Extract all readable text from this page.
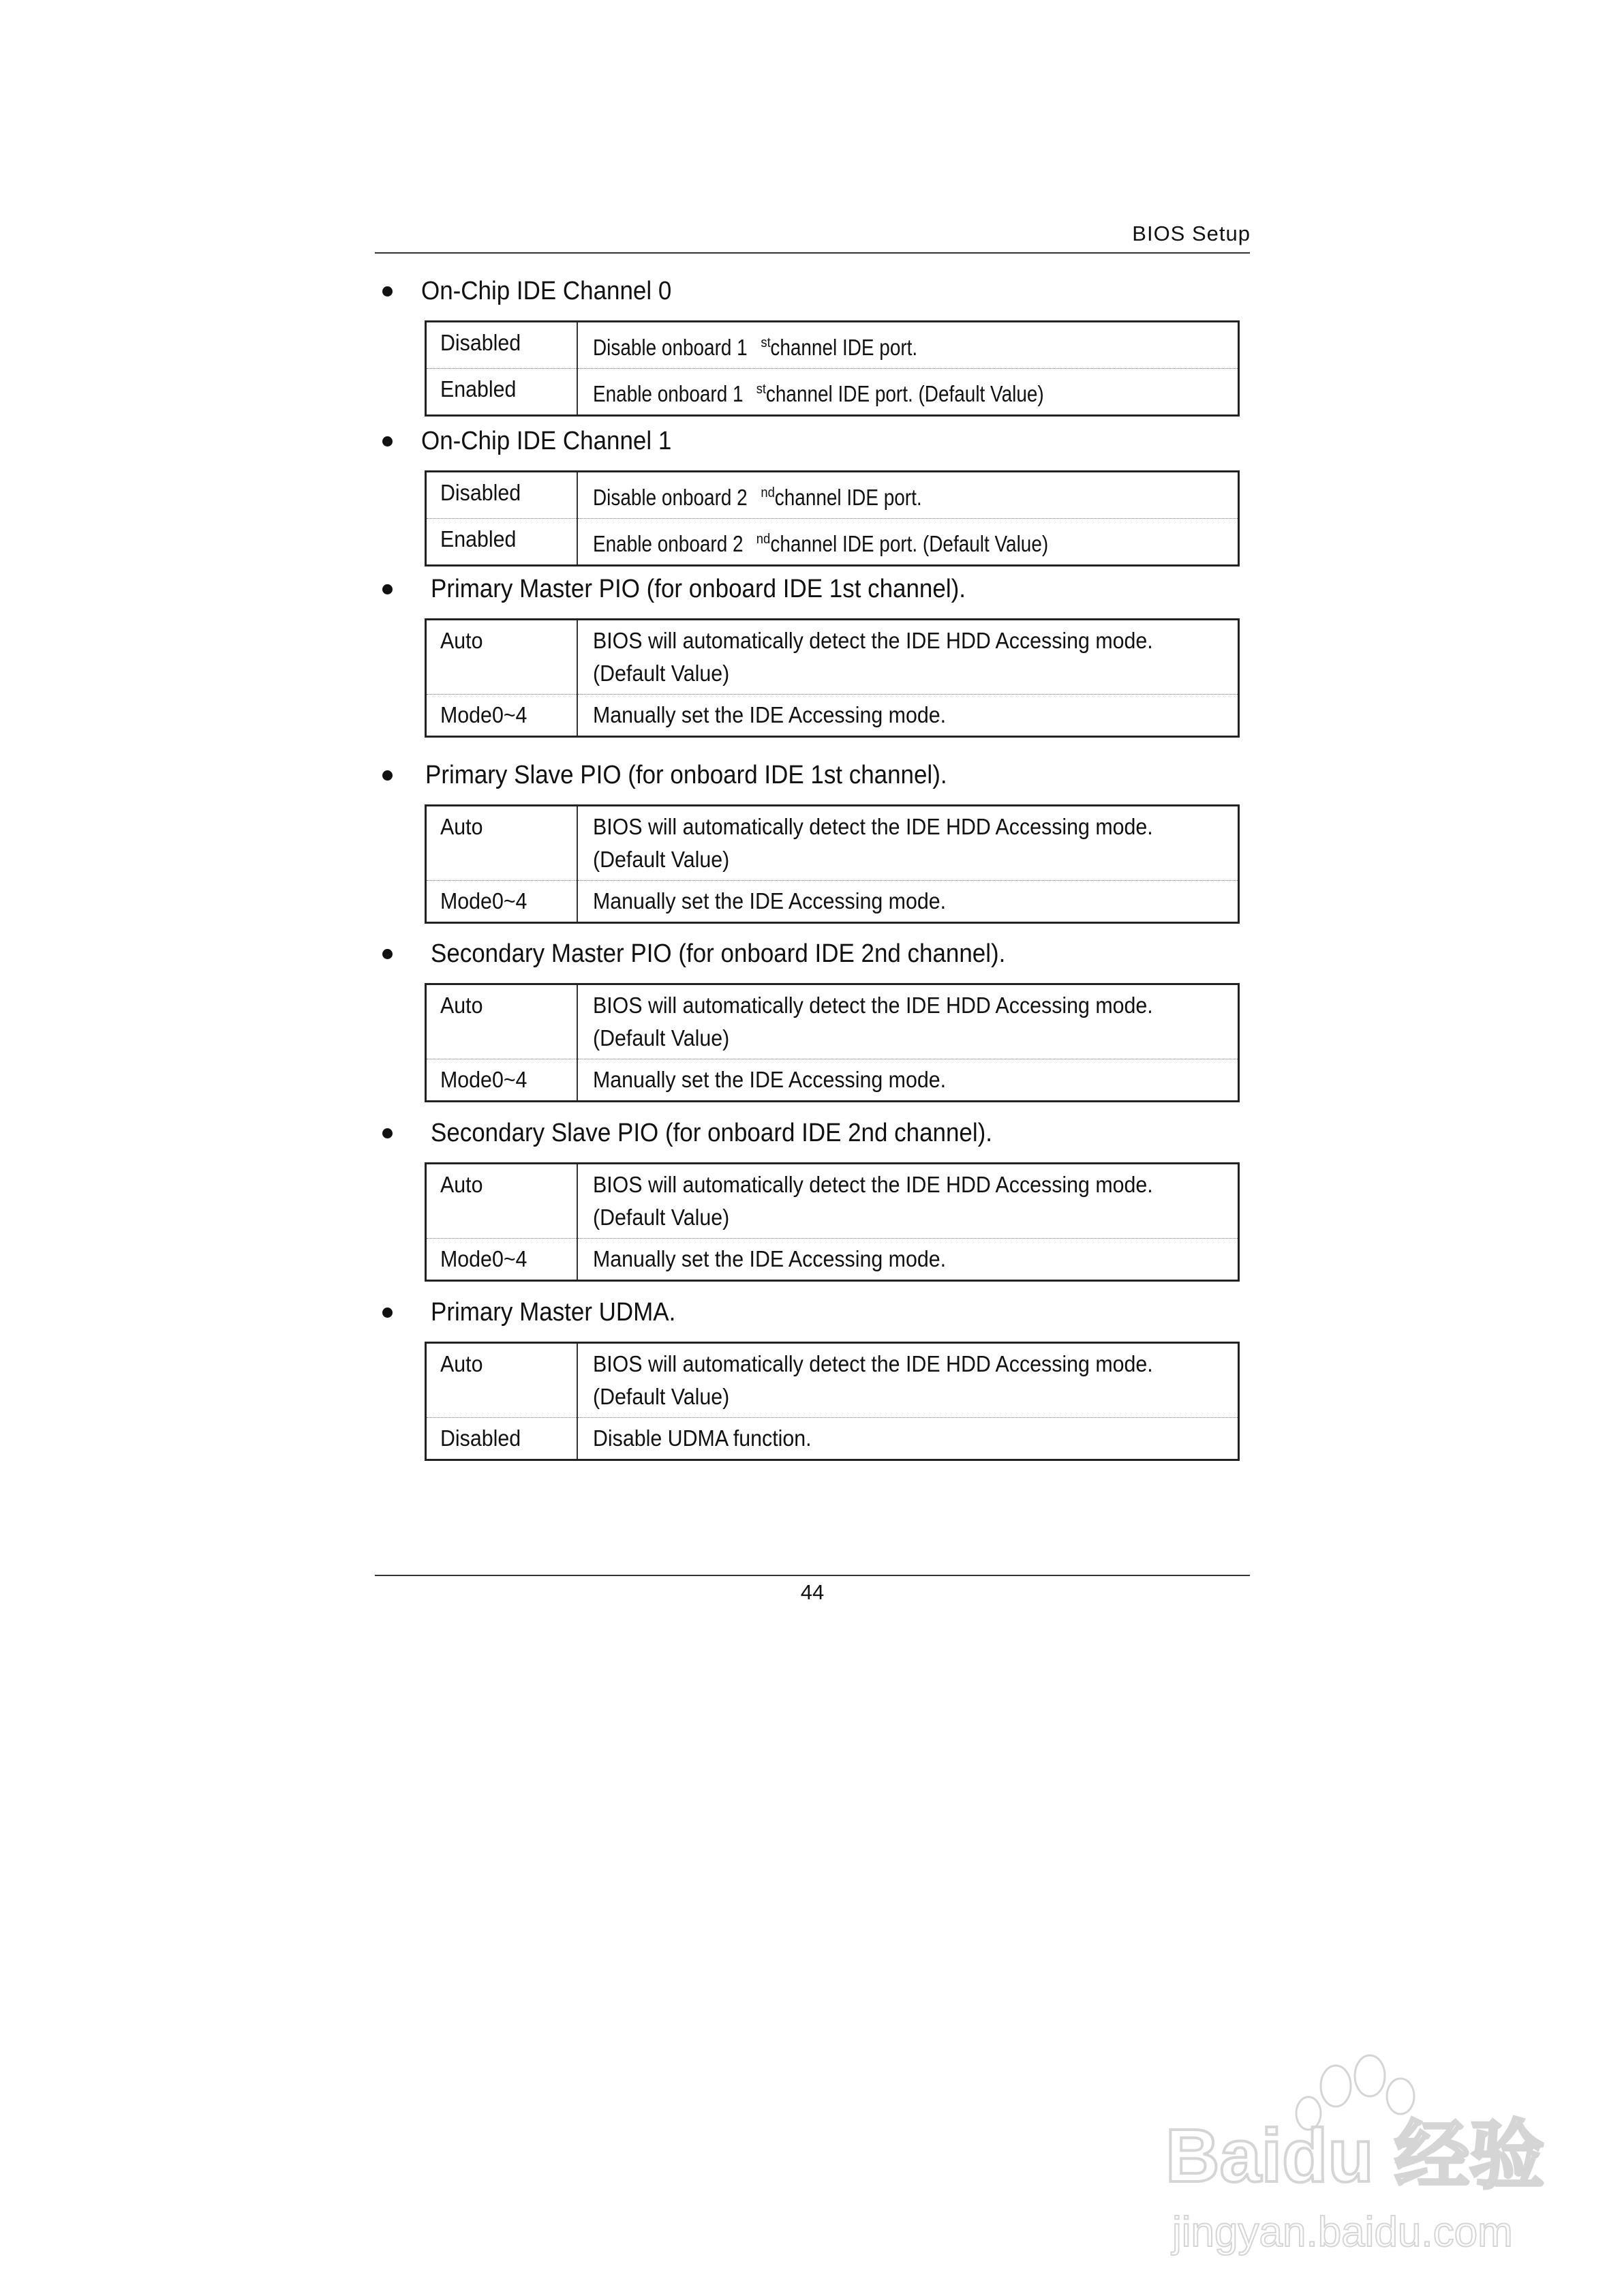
BIOS Setup
On-Chip IDE Channel 0
Disabled	Disable onboard 1 $^{st}$channel IDE port.
Enabled	Enable onboard 1 $^{st}$channel IDE port. (Default Value)
On-Chip IDE Channel 1
Disabled	Disable onboard 2 $^{nd}$channel IDE port.
Enabled	Enable onboard 2 $^{nd}$channel IDE port. (Default Value)
Primary Master PIO (for onboard IDE 1st channel).
Auto	BIOS will automatically detect the IDE HDD Accessing mode.
(Default Value)
Mode0~4	Manually set the IDE Accessing mode.
Primary Slave PIO (for onboard IDE 1st channel).
Auto	BIOS will automatically detect the IDE HDD Accessing mode.
(Default Value)
Mode0~4	Manually set the IDE Accessing mode.
Secondary Master PIO (for onboard IDE 2nd channel).
Auto	BIOS will automatically detect the IDE HDD Accessing mode.
(Default Value)
Mode0~4	Manually set the IDE Accessing mode.
Secondary Slave PIO (for onboard IDE 2nd channel).
Auto	BIOS will automatically detect the IDE HDD Accessing mode.
(Default Value)
Mode0~4	Manually set the IDE Accessing mode.
Primary Master UDMA.
Auto	BIOS will automatically detect the IDE HDD Accessing mode.
(Default Value)
Disabled	Disable UDMA function.
44
Baidu 经验
jingyan.baidu.com
